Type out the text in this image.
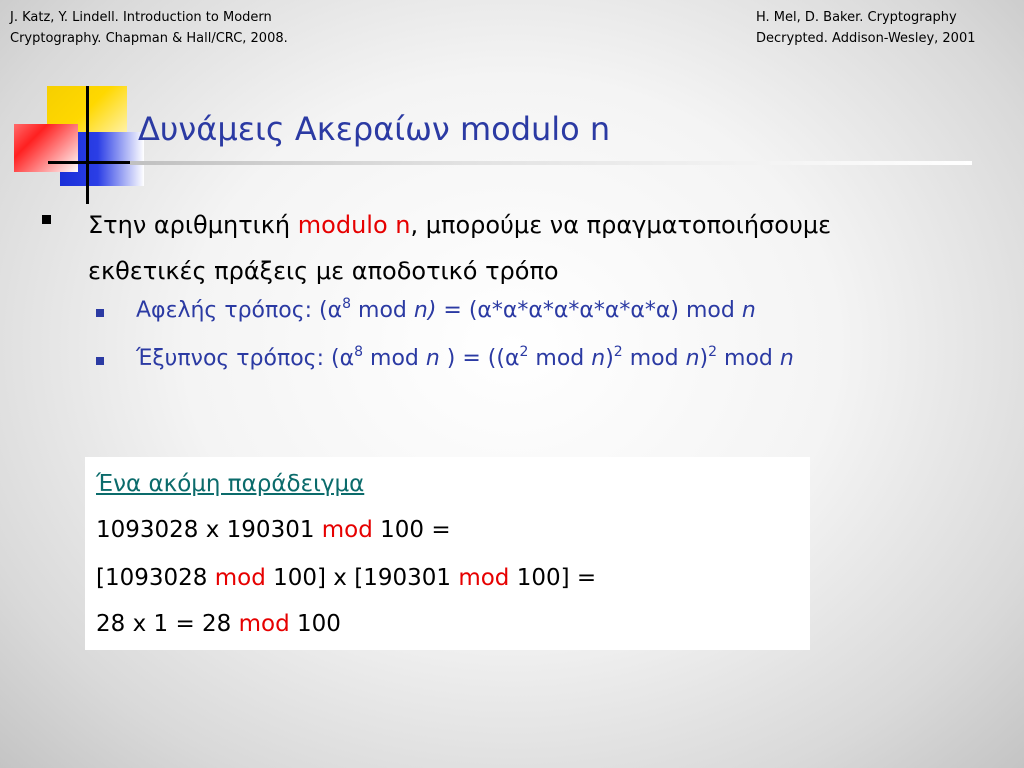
J. Katz, Y. Lindell. Introduction to Modern
Cryptography. Chapman & Hall/CRC, 2008.
H. Mel, D. Baker. Cryptography
Decrypted. Addison-Wesley, 2001
Δυνάμεις Ακεραίων modulo n
Στην αριθμητική modulo n, μπορούμε να πραγματοποιήσουμε
εκθετικές πράξεις με αποδοτικό τρόπο
Αφελής τρόπος: ($\alpha^8$ mod n) = (α*α*α*α*α*α*α*α) mod n
Έξυπνος τρόπος: ($\alpha^8$ mod n ) = (($\alpha^2$ mod n)$^2$ mod n)$^2$ mod n
Ένα ακόμη παράδειγμα
1093028 x 190301 mod 100 =
[1093028 mod 100] x [190301 mod 100] =
28 x 1 = 28 mod 100
